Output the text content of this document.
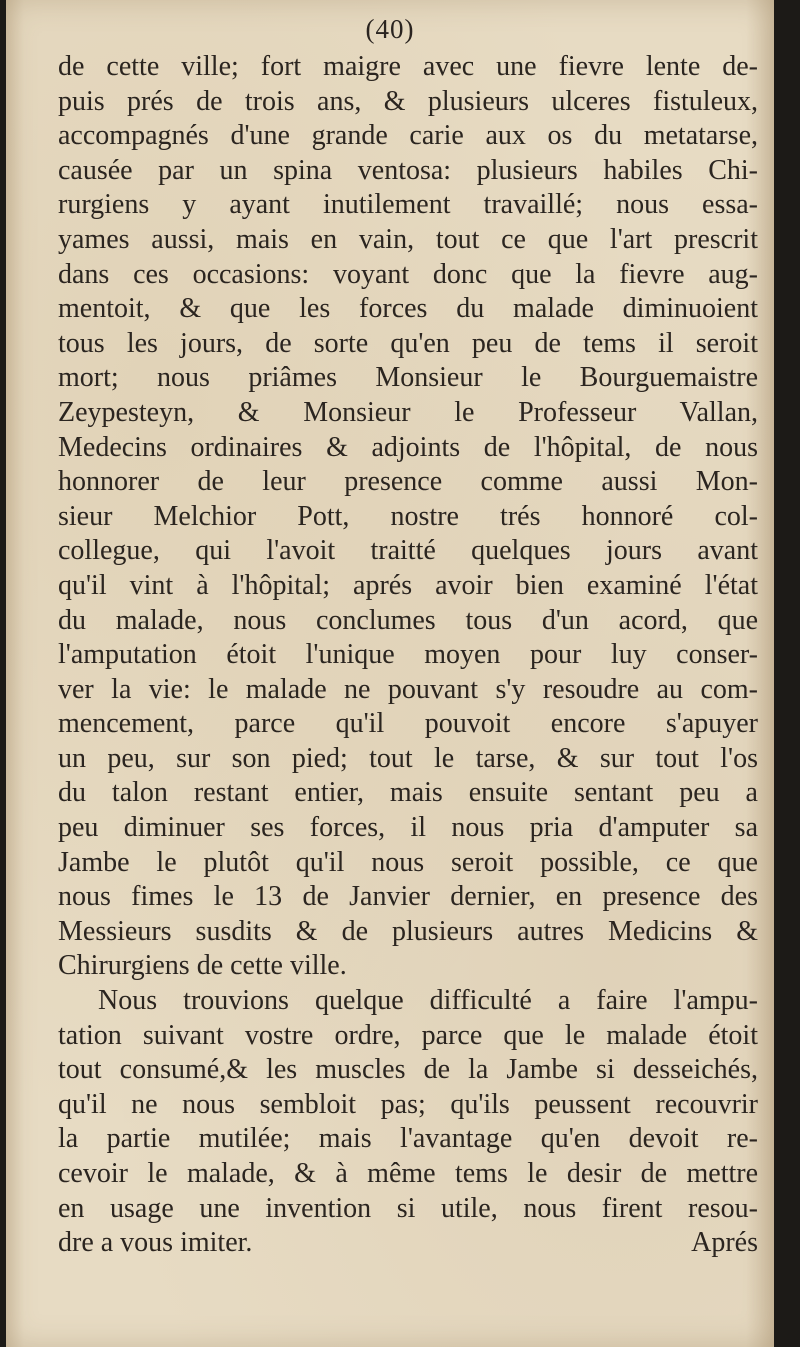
(40)
de cette ville; fort maigre avec une fievre lente de-
puis prés de trois ans, & plusieurs ulceres fistuleux,
accompagnés d'une grande carie aux os du metatarse,
causée par un spina ventosa: plusieurs habiles Chi-
rurgiens y ayant inutilement travaillé; nous essa-
yames aussi, mais en vain, tout ce que l'art prescrit
dans ces occasions: voyant donc que la fievre aug-
mentoit, & que les forces du malade diminuoient
tous les jours, de sorte qu'en peu de tems il seroit
mort; nous priâmes Monsieur le Bourguemaistre
Zeypesteyn, & Monsieur le Professeur Vallan,
Medecins ordinaires & adjoints de l'hôpital, de nous
honnorer de leur presence comme aussi Mon-
sieur Melchior Pott, nostre trés honnoré col-
collegue, qui l'avoit traitté quelques jours avant
qu'il vint à l'hôpital; aprés avoir bien examiné l'état
du malade, nous conclumes tous d'un acord, que
l'amputation étoit l'unique moyen pour luy conser-
ver la vie: le malade ne pouvant s'y resoudre au com-
mencement, parce qu'il pouvoit encore s'apuyer
un peu, sur son pied; tout le tarse, & sur tout l'os
du talon restant entier, mais ensuite sentant peu a
peu diminuer ses forces, il nous pria d'amputer sa
Jambe le plutôt qu'il nous seroit possible, ce que
nous fimes le 13 de Janvier dernier, en presence des
Messieurs susdits & de plusieurs autres Medicins &
Chirurgiens de cette ville.
Nous trouvions quelque difficulté a faire l'ampu-
tation suivant vostre ordre, parce que le malade étoit
tout consumé,& les muscles de la Jambe si desseichés,
qu'il ne nous sembloit pas; qu'ils peussent recouvrir
la partie mutilée; mais l'avantage qu'en devoit re-
cevoir le malade, & à même tems le desir de mettre
en usage une invention si utile, nous firent resou-
dre a vous imiter.	Aprés
